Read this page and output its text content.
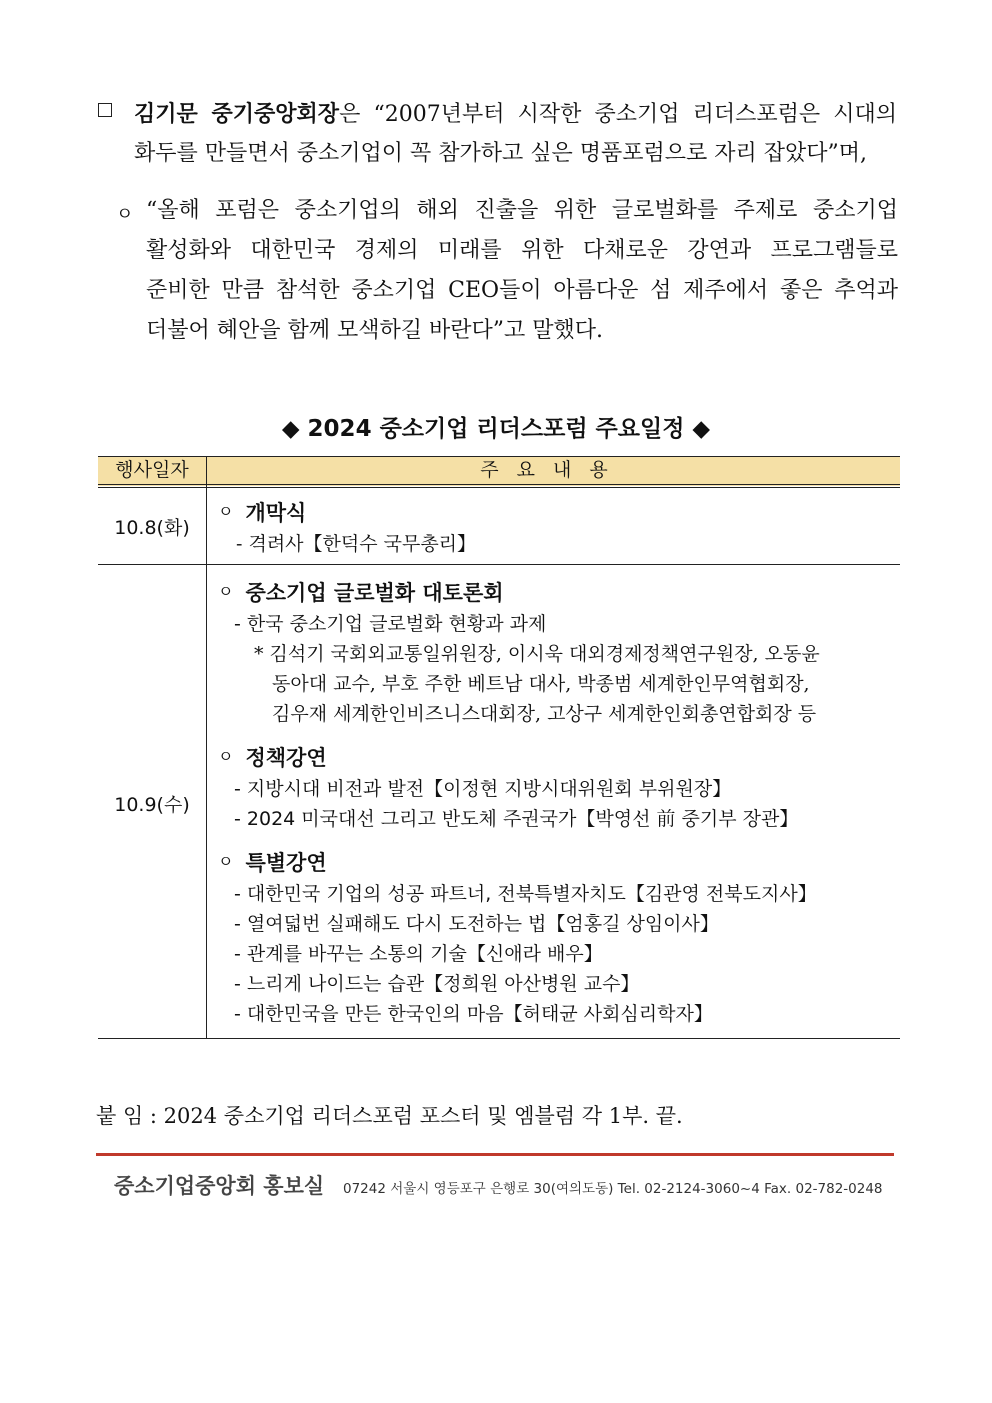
김기문 중기중앙회장은 “2007년부터 시작한 중소기업 리더스포럼은 시대의
화두를 만들면서 중소기업이 꼭 참가하고 싶은 명품포럼으로 자리 잡았다”며,
ㅇ “올해 포럼은 중소기업의 해외 진출을 위한 글로벌화를 주제로 중소기업
활성화와 대한민국 경제의 미래를 위한 다채로운 강연과 프로그램들로
준비한 만큼 참석한 중소기업 CEO들이 아름다운 섬 제주에서 좋은 추억과
더불어 혜안을 함께 모색하길 바란다”고 말했다.
◆ 2024 중소기업 리더스포럼 주요일정 ◆
행사일자	주요내용
10.8(화)
ㅇ 개막식
- 격려사【한덕수 국무총리】
10.9(수)
ㅇ 중소기업 글로벌화 대토론회
- 한국 중소기업 글로벌화 현황과 과제
* 김석기 국회외교통일위원장, 이시욱 대외경제정책연구원장, 오동윤
동아대 교수, 부호 주한 베트남 대사, 박종범 세계한인무역협회장,
김우재 세계한인비즈니스대회장, 고상구 세계한인회총연합회장 등
ㅇ 정책강연
- 지방시대 비전과 발전【이정현 지방시대위원회 부위원장】
- 2024 미국대선 그리고 반도체 주권국가【박영선 前 중기부 장관】
ㅇ 특별강연
- 대한민국 기업의 성공 파트너, 전북특별자치도【김관영 전북도지사】
- 열여덟번 실패해도 다시 도전하는 법【엄홍길 상임이사】
- 관계를 바꾸는 소통의 기술【신애라 배우】
- 느리게 나이드는 습관【정희원 아산병원 교수】
- 대한민국을 만든 한국인의 마음【허태균 사회심리학자】
붙 임 : 2024 중소기업 리더스포럼 포스터 및 엠블럼 각 1부. 끝.
중소기업중앙회 홍보실 07242 서울시 영등포구 은행로 30(여의도동) Tel. 02-2124-3060~4 Fax. 02-782-0248
